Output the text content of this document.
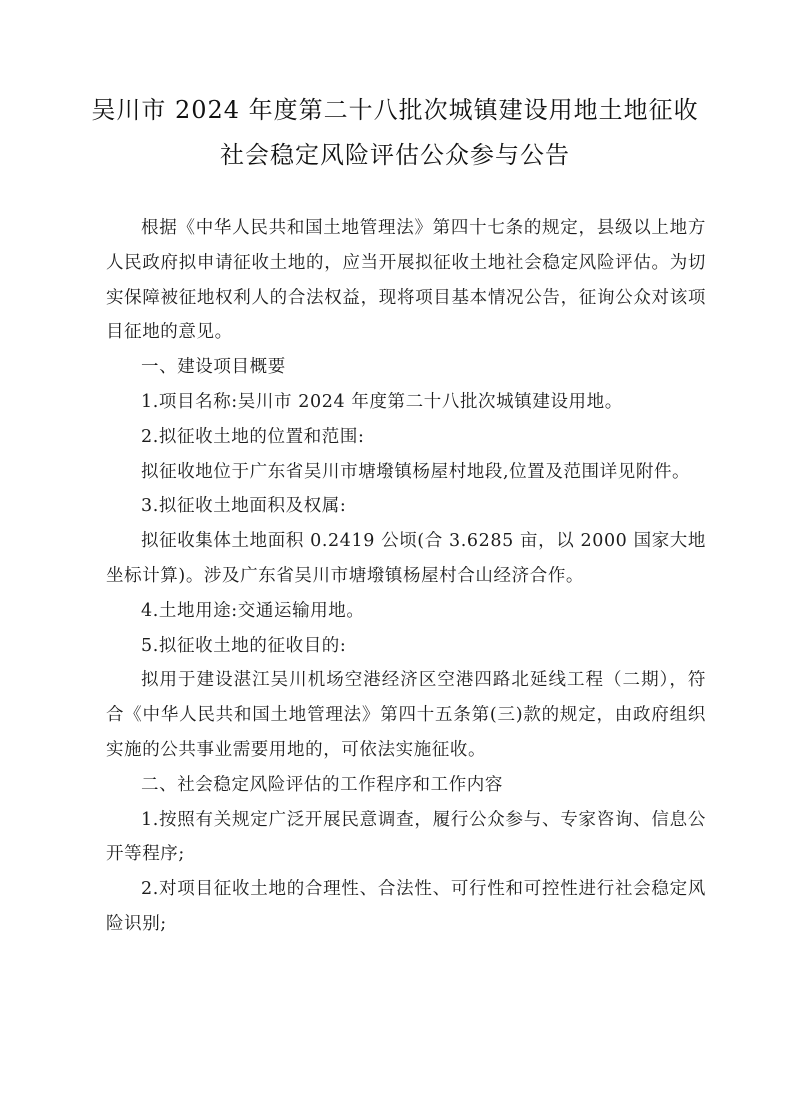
吴川市 2024 年度第二十八批次城镇建设用地土地征收
社会稳定风险评估公众参与公告

根据《中华人民共和国土地管理法》第四十七条的规定，县级以上地方人民政府拟申请征收土地的，应当开展拟征收土地社会稳定风险评估。为切实保障被征地权利人的合法权益，现将项目基本情况公告，征询公众对该项目征地的意见。

一、建设项目概要

1.项目名称:吴川市 2024 年度第二十八批次城镇建设用地。

2.拟征收土地的位置和范围:

拟征收地位于广东省吴川市塘墢镇杨屋村地段,位置及范围详见附件。

3.拟征收土地面积及权属:

拟征收集体土地面积 0.2419 公顷(合 3.6285 亩，以 2000 国家大地坐标计算)。涉及广东省吴川市塘墢镇杨屋村合山经济合作。

4.土地用途:交通运输用地。

5.拟征收土地的征收目的:

拟用于建设湛江吴川机场空港经济区空港四路北延线工程（二期），符合《中华人民共和国土地管理法》第四十五条第(三)款的规定，由政府组织实施的公共事业需要用地的，可依法实施征收。

二、社会稳定风险评估的工作程序和工作内容

1.按照有关规定广泛开展民意调查，履行公众参与、专家咨询、信息公开等程序;

2.对项目征收土地的合理性、合法性、可行性和可控性进行社会稳定风险识别;
